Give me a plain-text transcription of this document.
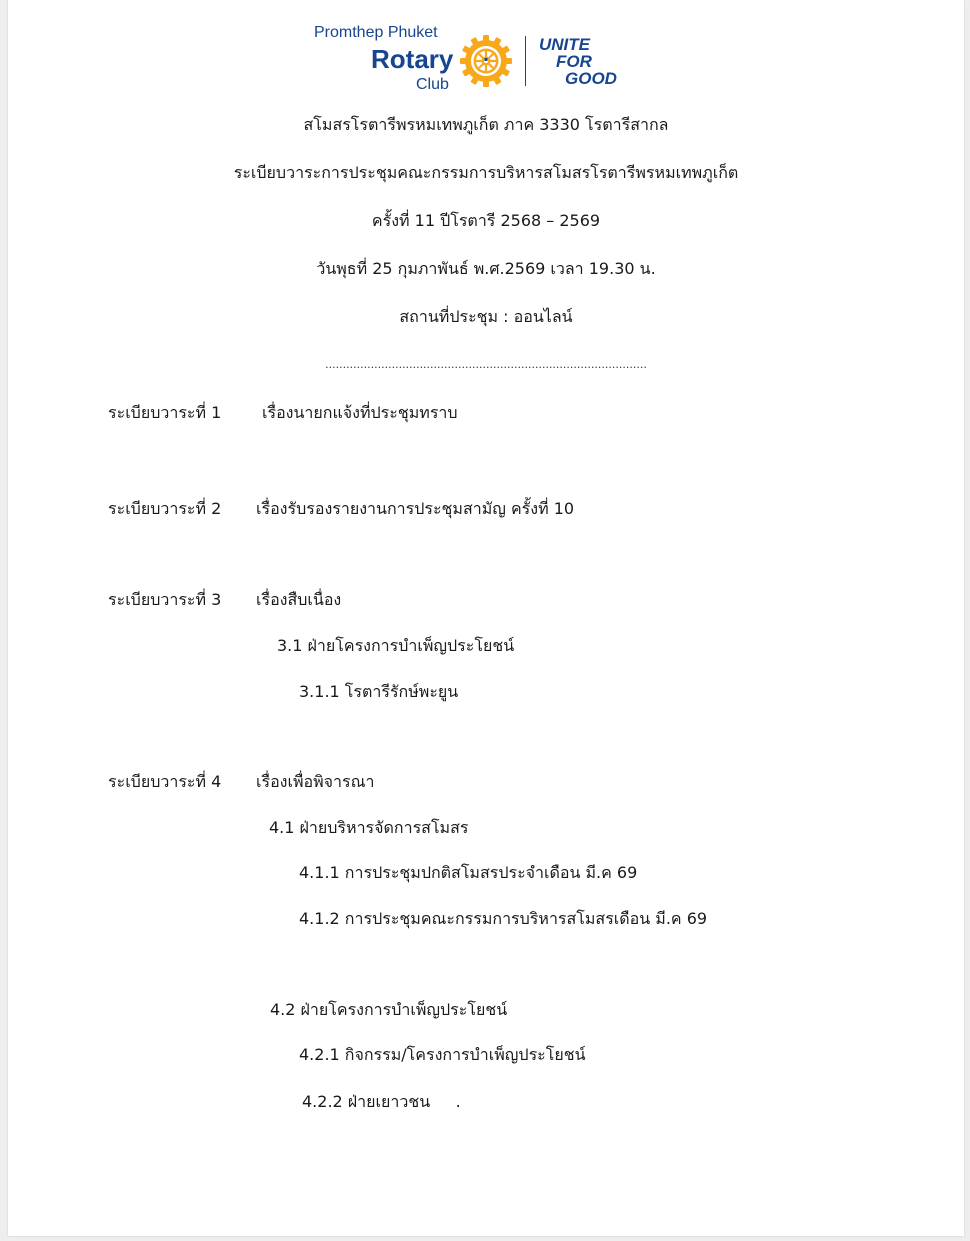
Promthep Phuket
Rotary
Club
UNITE
FOR
GOOD
สโมสรโรตารีพรหมเทพภูเก็ต ภาค 3330 โรตารีสากล
ระเบียบวาระการประชุมคณะกรรมการบริหารสโมสรโรตารีพรหมเทพภูเก็ต
ครั้งที่ 11 ปีโรตารี 2568 – 2569
วันพุธที่ 25 กุมภาพันธ์ พ.ศ.2569 เวลา 19.30 น.
สถานที่ประชุม : ออนไลน์
............................................................................................
ระเบียบวาระที่ 1	เรื่องนายกแจ้งที่ประชุมทราบ
ระเบียบวาระที่ 2 เรื่องรับรองรายงานการประชุมสามัญ ครั้งที่ 10
ระเบียบวาระที่ 3 เรื่องสืบเนื่อง
3.1 ฝ่ายโครงการบำเพ็ญประโยชน์
3.1.1 โรตารีรักษ์พะยูน
ระเบียบวาระที่ 4 เรื่องเพื่อพิจารณา
4.1 ฝ่ายบริหารจัดการสโมสร
4.1.1 การประชุมปกติสโมสรประจำเดือน มี.ค 69
4.1.2 การประชุมคณะกรรมการบริหารสโมสรเดือน มี.ค 69
4.2 ฝ่ายโครงการบำเพ็ญประโยชน์
4.2.1 กิจกรรม/โครงการบำเพ็ญประโยชน์
4.2.2 ฝ่ายเยาวชน     .
